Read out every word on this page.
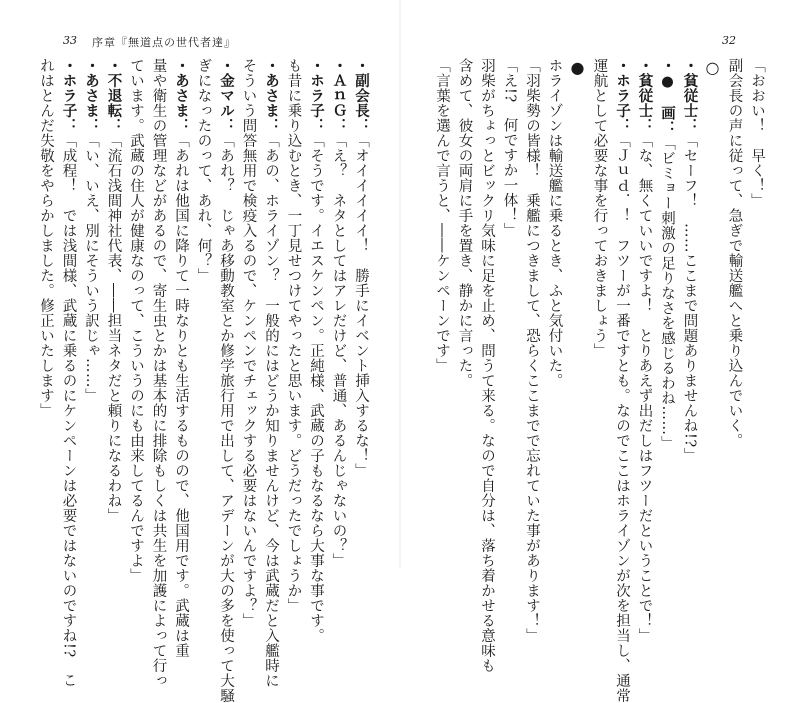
33 序章『無道点の世代者達』
・副会長：「オイイイイイ！　勝手にイベント挿入するな！」
・ＡｎＧ：「え？　ネタとしてはアレだけど、普通、あるんじゃないの？」
・ホラ子：「そうです。イエスケンペン。正純様、武蔵の子もなるなら大事な事です。
も昔に乗り込むとき、一丁見せつけてやったと思います。どうだったでしょうか」
・あさま：「あの、ホライゾン？　一般的にはどうか知りませんけど、今は武蔵だと入艦時に
そういう問答無用で検疫入るので、ケンペンでチェックする必要はないんですよ？」
・金マル：「あれ？　じゃあ移動教室とか修学旅行用で出して、アデーンが大の多を使って大騒
ぎになったのって、あれ、何？」
・あさま：「あれは他国に降りて一時なりとも生活するものので、他国用です。武蔵は重
量や衛生の管理などがあるので、寄生虫とかは基本的に排除もしくは共生を加護によって行っ
ています。武蔵の住人が健康なのって、こういうのにも由来してるんですよ」
・不退転：「流石浅間神社代表、――担当ネタだと頼りになるわね」
・あさま：「い、いえ、別にそういう訳じゃ……」
・ホラ子：「成程！　では浅間様、武蔵に乗るのにケンペーンは必要ではないのですね!?　こ
れはとんだ失敬をやらかしました。修正いたします」
32
「おおい！　早く！」
副会長の声に従って、急ぎで輸送艦へと乗り込んでいく。
○
・貧従士：「セーフ！　……ここまで問題ありませんね!?」
・●　画：「ビミョー刺激の足りなさを感じるわね……」
・貧従士：「な、無くていいですよ！　とりあえず出だしはフツーだということで！」
・ホラ子：「Ｊｕｄ．！　フツーが一番ですとも。なのでここはホライゾンが次を担当し、通常
運航として必要な事を行っておきましょう」
●
ホライゾンは輸送艦に乗るとき、ふと気付いた。
「羽柴勢の皆様！　乗艦につきまして、恐らくここまでで忘れていた事があります！」
「え!?　何ですか一体！」
羽柴がちょっとビックリ気味に足を止め、問うて来る。なので自分は、落ち着かせる意味も
含めて、彼女の両肩に手を置き、静かに言った。
「言葉を選んで言うと、――ケンペーンです」
